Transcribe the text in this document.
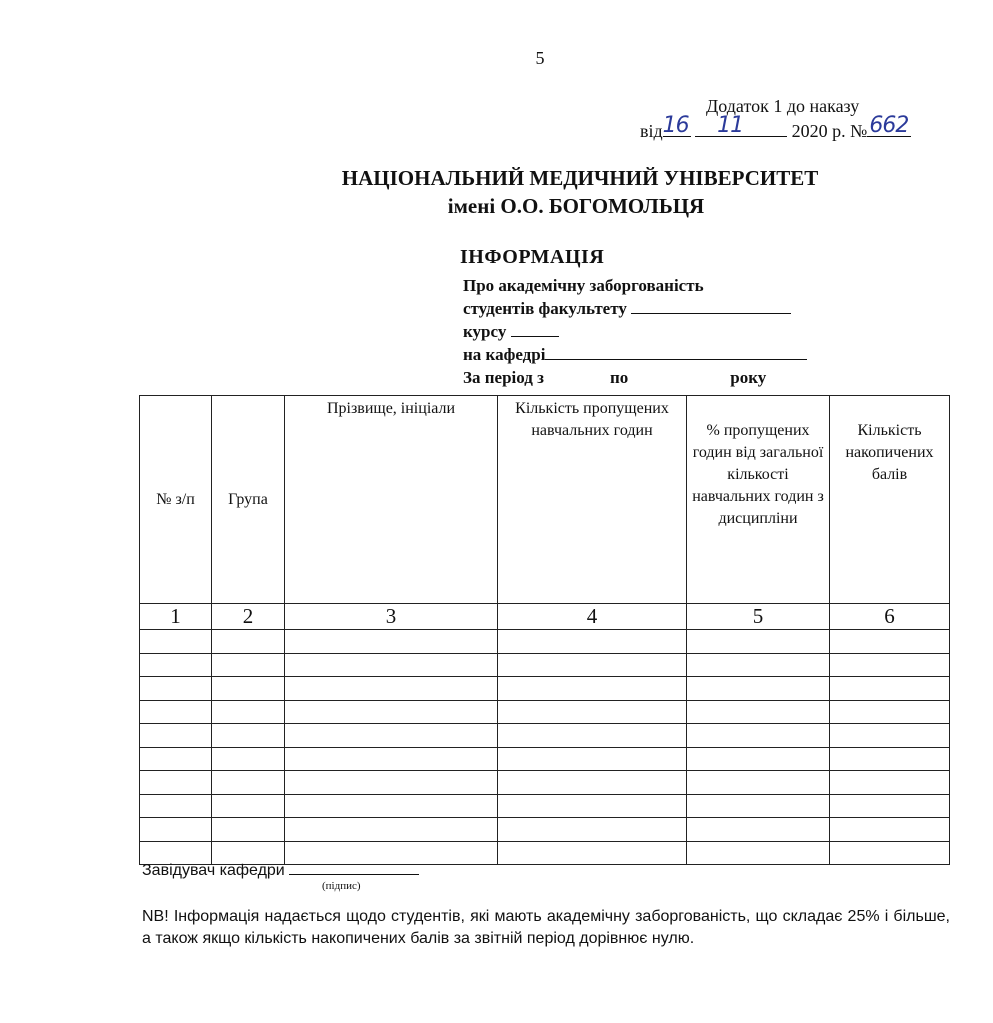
5
Додаток 1 до наказу
від 16
11	2020 р. № 662
НАЦІОНАЛЬНИЙ МЕДИЧНИЙ УНІВЕРСИТЕТ
імені О.О. БОГОМОЛЬЦЯ
ІНФОРМАЦІЯ
Про академічну заборгованість
студентів факультету
курсу
на кафедрі
За період з	по	року
№ з/п	Група	Прізвище, ініціали	Кількість пропущених навчальних годин	% пропущених годин від загальної кількості навчальних годин з дисципліни	Кількість накопичених балів
1	2	3	4	5	6

Завідувач кафедри
(підпис)
NB! Інформація надається щодо студентів, які мають академічну заборгованість, що складає 25% і більше, а також якщо кількість накопичених балів за звітній період дорівнює нулю.
